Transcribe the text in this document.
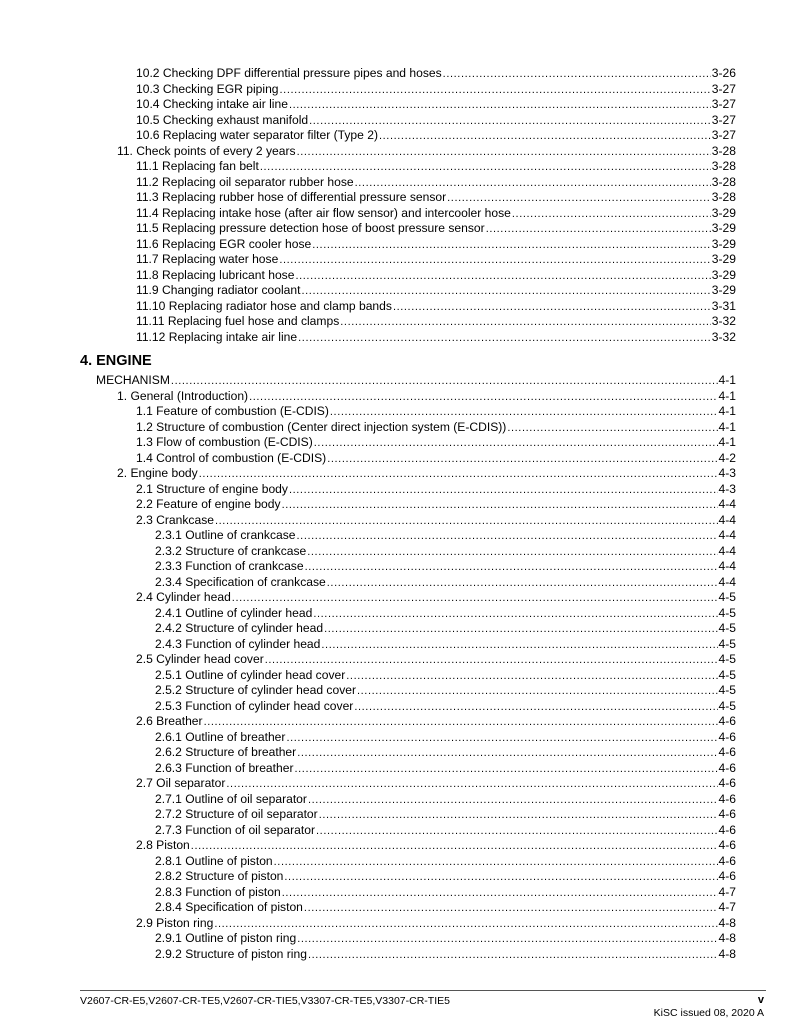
10.2 Checking DPF differential pressure pipes and hoses .....	3-26
10.3 Checking EGR piping .....	3-27
10.4 Checking intake air line .....	3-27
10.5 Checking exhaust manifold .....	3-27
10.6 Replacing water separator filter (Type 2) .....	3-27
11. Check points of every 2 years .....	3-28
11.1 Replacing fan belt .....	3-28
11.2 Replacing oil separator rubber hose .....	3-28
11.3 Replacing rubber hose of differential pressure sensor .....	3-28
11.4 Replacing intake hose (after air flow sensor) and intercooler hose .....	3-29
11.5 Replacing pressure detection hose of boost pressure sensor .....	3-29
11.6 Replacing EGR cooler hose .....	3-29
11.7 Replacing water hose .....	3-29
11.8 Replacing lubricant hose .....	3-29
11.9 Changing radiator coolant .....	3-29
11.10 Replacing radiator hose and clamp bands .....	3-31
11.11 Replacing fuel hose and clamps .....	3-32
11.12 Replacing intake air line .....	3-32
4. ENGINE
MECHANISM .....	4-1
1. General (Introduction) .....	4-1
1.1 Feature of combustion (E-CDIS) .....	4-1
1.2 Structure of combustion (Center direct injection system (E-CDIS)) .....	4-1
1.3 Flow of combustion (E-CDIS) .....	4-1
1.4 Control of combustion (E-CDIS) .....	4-2
2. Engine body .....	4-3
2.1 Structure of engine body .....	4-3
2.2 Feature of engine body .....	4-4
2.3 Crankcase .....	4-4
2.3.1 Outline of crankcase .....	4-4
2.3.2 Structure of crankcase .....	4-4
2.3.3 Function of crankcase .....	4-4
2.3.4 Specification of crankcase .....	4-4
2.4 Cylinder head .....	4-5
2.4.1 Outline of cylinder head .....	4-5
2.4.2 Structure of cylinder head .....	4-5
2.4.3 Function of cylinder head .....	4-5
2.5 Cylinder head cover .....	4-5
2.5.1 Outline of cylinder head cover .....	4-5
2.5.2 Structure of cylinder head cover .....	4-5
2.5.3 Function of cylinder head cover .....	4-5
2.6 Breather .....	4-6
2.6.1 Outline of breather .....	4-6
2.6.2 Structure of breather .....	4-6
2.6.3 Function of breather .....	4-6
2.7 Oil separator .....	4-6
2.7.1 Outline of oil separator .....	4-6
2.7.2 Structure of oil separator .....	4-6
2.7.3 Function of oil separator .....	4-6
2.8 Piston .....	4-6
2.8.1 Outline of piston .....	4-6
2.8.2 Structure of piston .....	4-6
2.8.3 Function of piston .....	4-7
2.8.4 Specification of piston .....	4-7
2.9 Piston ring .....	4-8
2.9.1 Outline of piston ring .....	4-8
2.9.2 Structure of piston ring .....	4-8
V2607-CR-E5,V2607-CR-TE5,V2607-CR-TIE5,V3307-CR-TE5,V3307-CR-TIE5	v
KiSC issued 08, 2020 A
